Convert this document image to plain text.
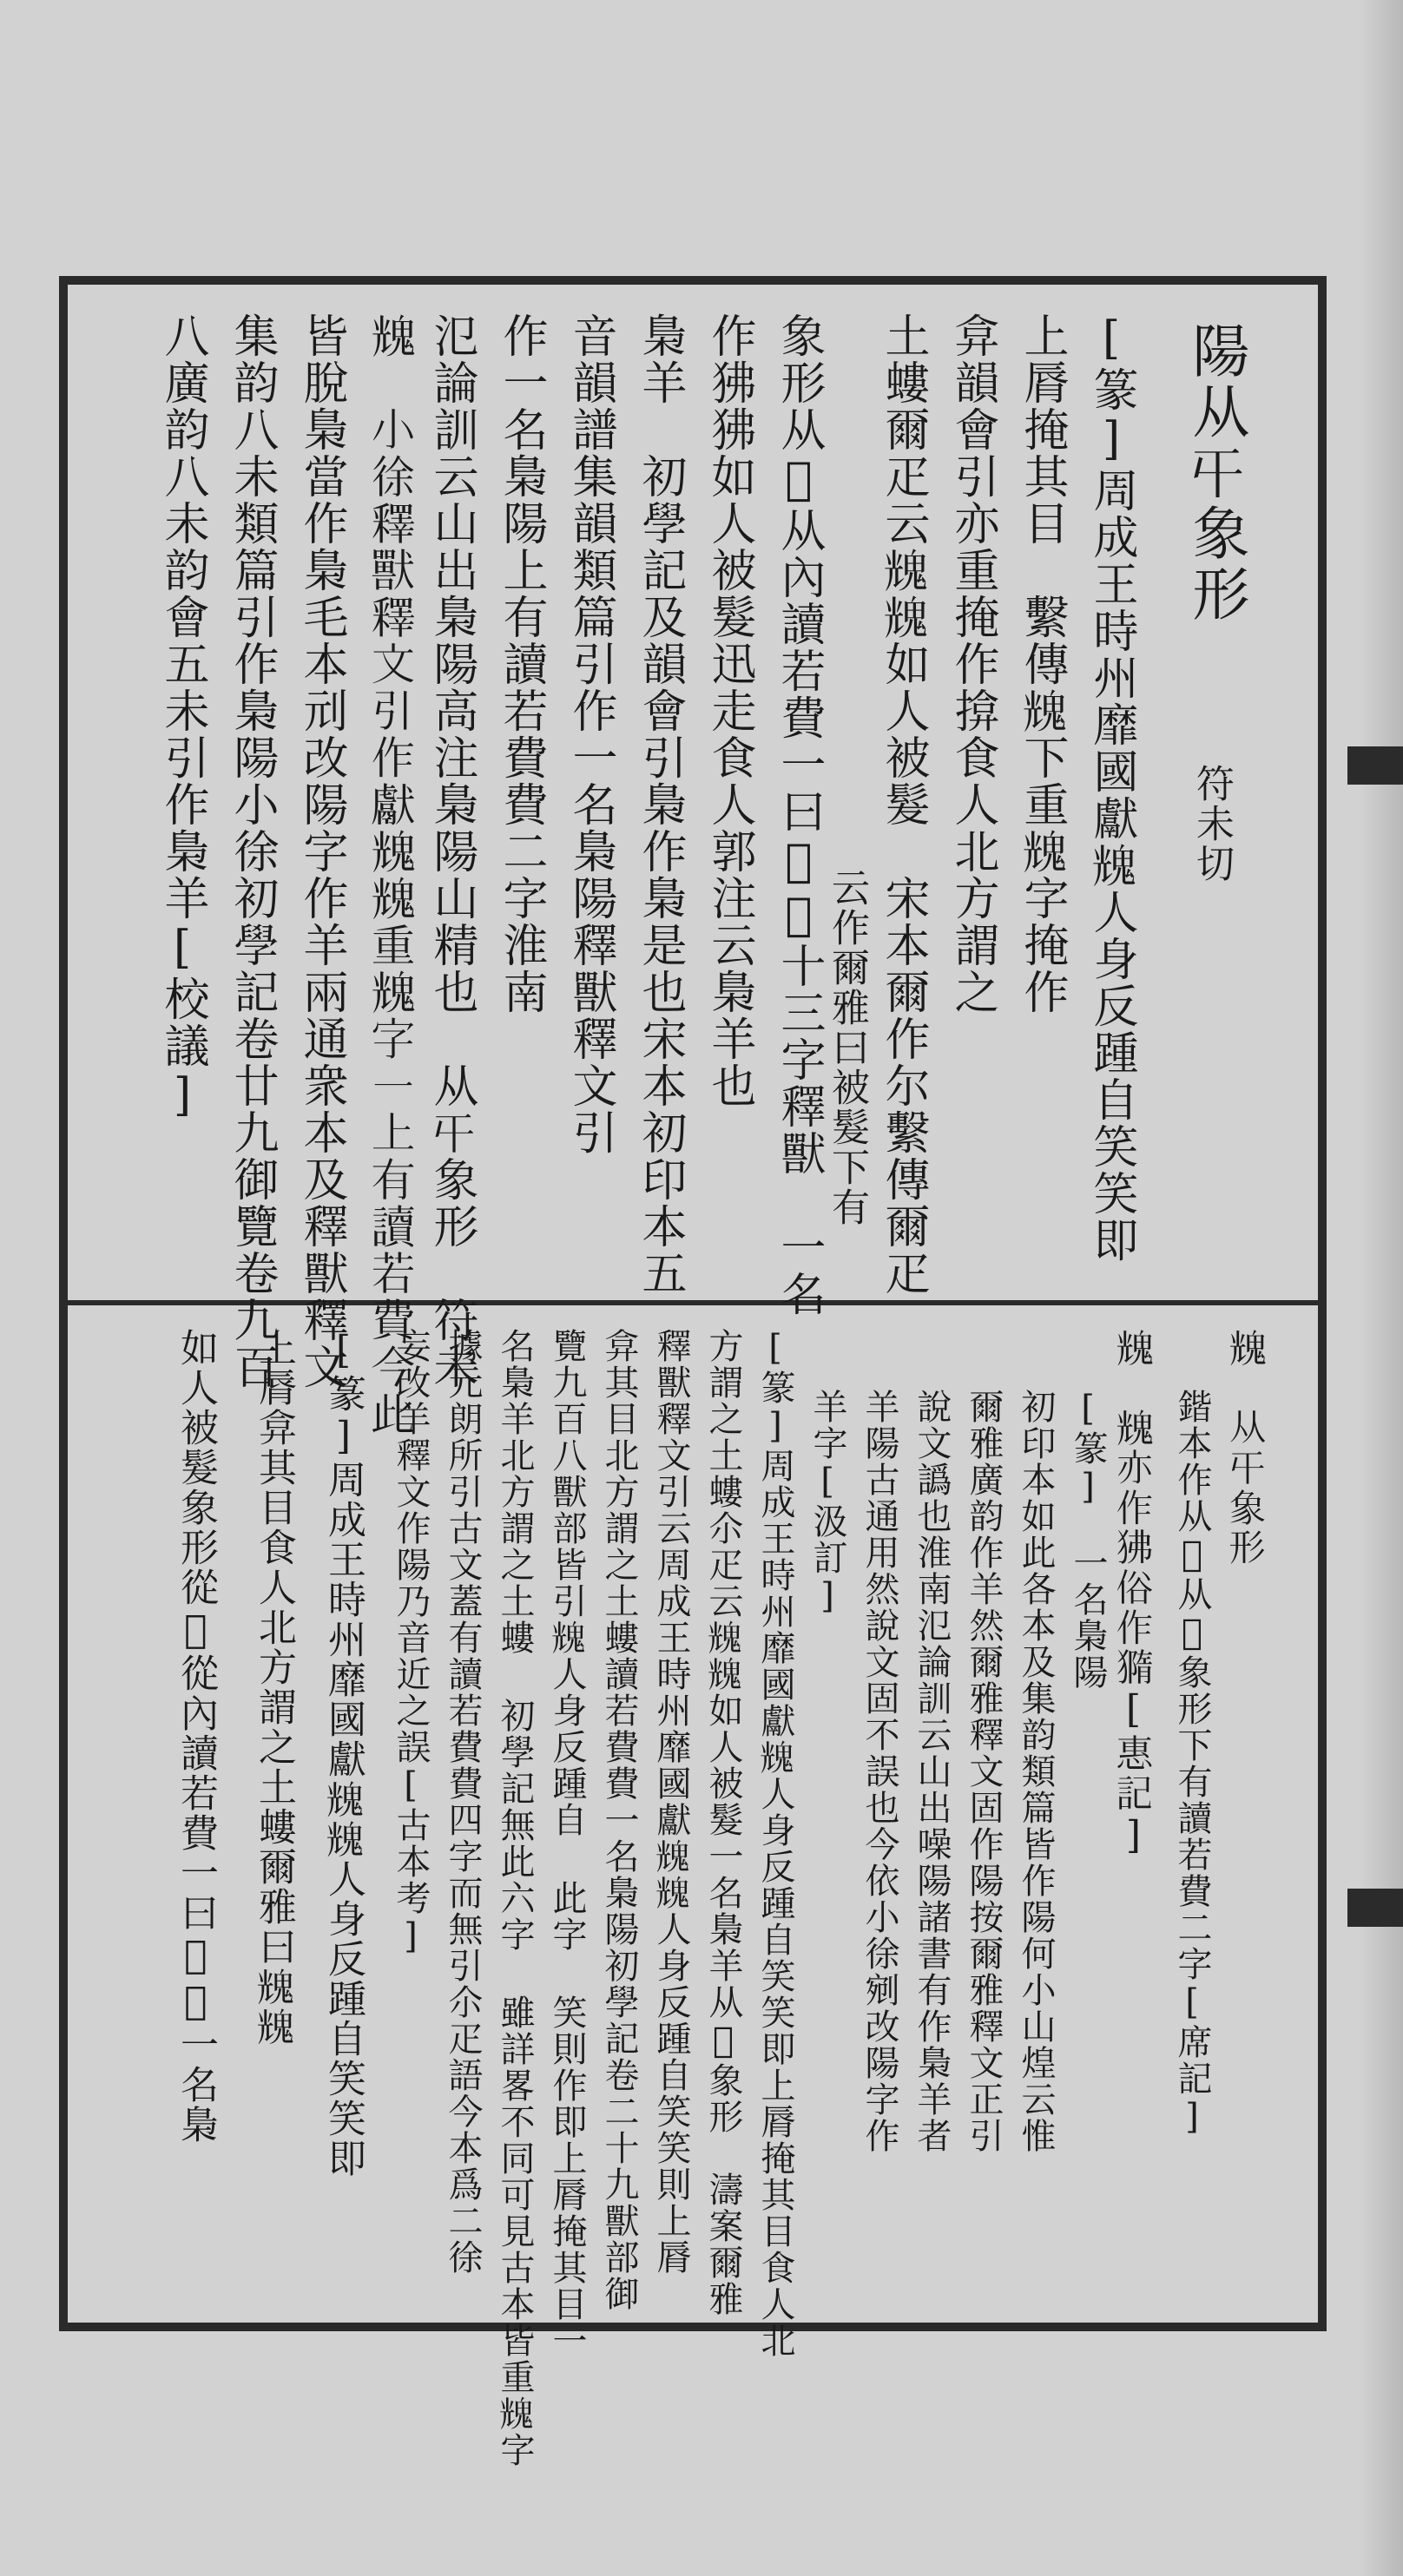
陽从𡕒象形
符未切
[篆]周成王時州靡國獻𩳁人身反踵自笑笑即
上脣掩其目　繫傳𩳁下重𩳁字掩作
弇韻會引亦重掩作揜食人北方謂之
土螻爾疋云𩳁𩳁如人被髮　宋本爾作尔繫傳爾疋
云作爾雅曰被髮下有
象形从𠚕从內讀若費一曰𩳁𩳁十三字釋獸　一名
作狒狒如人被髮迅走食人郭注云梟羊也
梟羊　初學記及韻會引梟作梟是也宋本初印本五
音韻譜集韻類篇引作一名梟陽釋獸釋文引
作一名梟陽上有讀若費費二字淮南
氾論訓云山出梟陽高注梟陽山精也　从𡕒象形　符未
𩳁　小徐釋獸釋文引作獻𩳁𩳁重𩳁字一上有讀若費今此
皆脫梟當作梟毛本刓改陽字作羊兩通衆本及釋獸釋文
集韵八未類篇引作梟陽小徐初學記卷廿九御覽卷九百
八廣韵八未韵會五未引作梟羊[校議]
𩳁　从𡕒象形
鍇本作从𠚕从𡕒象形下有讀若費二字[席記]
𩳁　𩳁亦作狒俗作𤡪[惠記]
[篆]　一名梟陽
初印本如此各本及集韵類篇皆作陽何小山煌云惟
爾雅廣韵作羊然爾雅釋文固作陽按爾雅釋文正引
說文譌也淮南氾論訓云山出噪陽諸書有作梟羊者
羊陽古通用然說文固不誤也今依小徐剜改陽字作
羊字[汲訂]
[篆]周成王時州靡國獻𩳁人身反踵自笑笑即上脣掩其目食人北
方謂之土螻尒疋云𩳁𩳁如人被髮一名梟羊从𠚕象形　濤案爾雅
釋獸釋文引云周成王時州靡國獻𩳁𩳁人身反踵自笑笑則上脣
弇其目北方謂之土螻讀若費費一名梟陽初學記卷二十九獸部御
覽九百八獸部皆引𩳁人身反踵自 此字 笑則作即上脣掩其目一
名梟羊北方謂之土螻 初學記無此六字 雖詳畧不同可見古本皆重𩳁字
據元朗所引古文蓋有讀若費費四字而無引尒疋語今本爲二徐
妄改羊釋文作陽乃音近之誤[古本考]
[篆]周成王時州靡國獻𩳁𩳁人身反踵自笑笑即
上脣弇其目食人北方謂之土螻爾雅曰𩳁𩳁
如人被髮象形從𠚕從內讀若費一曰𩳁𩳁一名梟
